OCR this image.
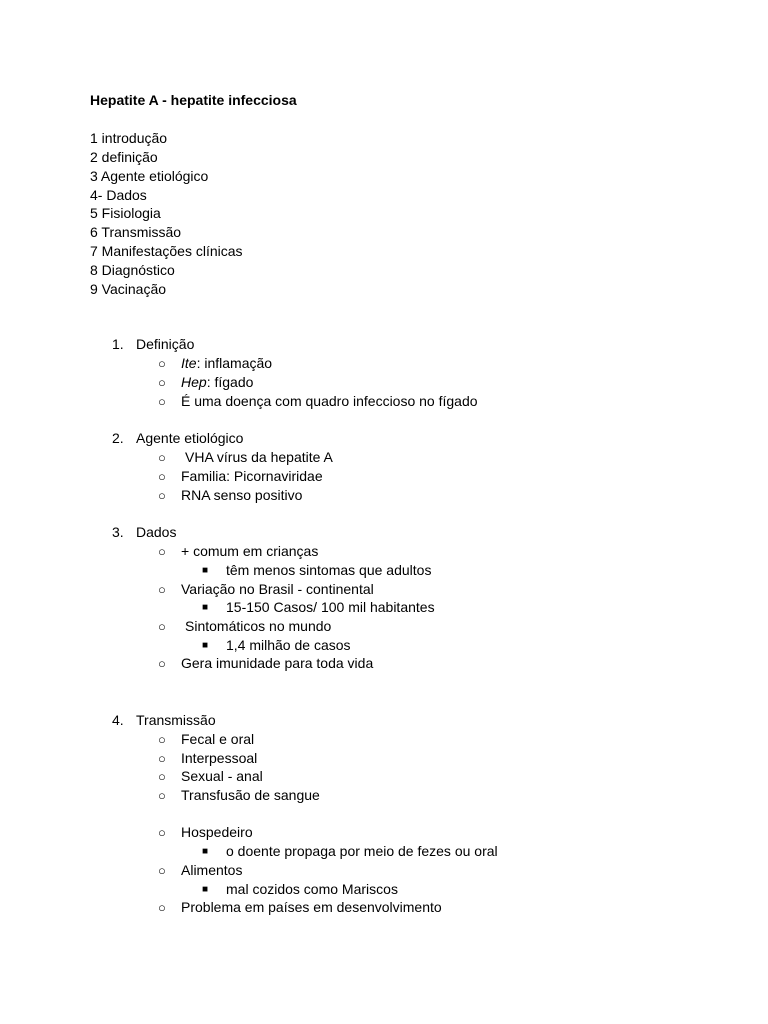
Hepatite A - hepatite infecciosa
1 introdução
2 definição
3 Agente etiológico
4- Dados
5 Fisiologia
6 Transmissão
7 Manifestações clínicas
8 Diagnóstico
9 Vacinação
1. Definição
○ Ite: inflamação
○ Hep: fígado
○ É uma doença com quadro infeccioso no fígado
2. Agente etiológico
○ VHA vírus da hepatite A
○ Familia: Picornaviridae
○ RNA senso positivo
3. Dados
○ + comum em crianças
■ têm menos sintomas que adultos
○ Variação no Brasil - continental
■ 15-150 Casos/ 100 mil habitantes
○ Sintomáticos no mundo
■ 1,4 milhão de casos
○ Gera imunidade para toda vida
4. Transmissão
○ Fecal e oral
○ Interpessoal
○ Sexual - anal
○ Transfusão de sangue
○ Hospedeiro
■ o doente propaga por meio de fezes ou oral
○ Alimentos
■ mal cozidos como Mariscos
○ Problema em países em desenvolvimento
